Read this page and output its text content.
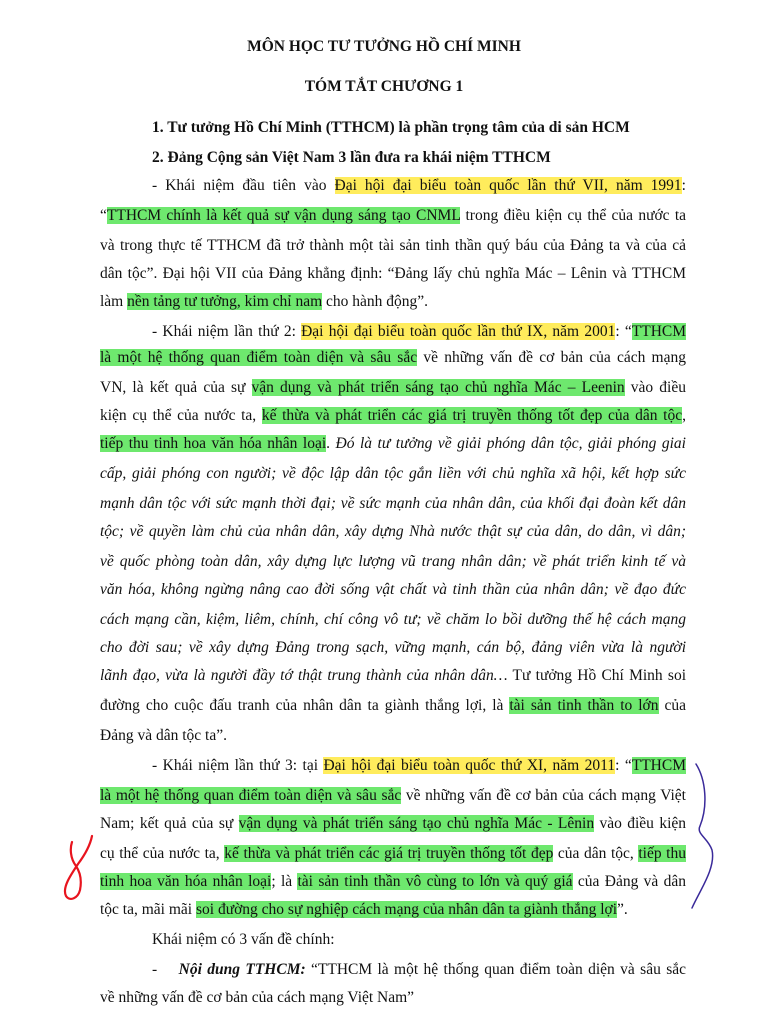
MÔN HỌC TƯ TƯỞNG HỒ CHÍ MINH
TÓM TẮT CHƯƠNG 1
1. Tư tưởng Hồ Chí Minh (TTHCM) là phần trọng tâm của di sản HCM
2. Đảng Cộng sản Việt Nam 3 lần đưa ra khái niệm TTHCM
- Khái niệm đầu tiên vào Đại hội đại biểu toàn quốc lần thứ VII, năm 1991:
“TTHCM chính là kết quả sự vận dụng sáng tạo CNML trong điều kiện cụ thể của nước ta
và trong thực tế TTHCM đã trở thành một tài sản tinh thần quý báu của Đảng ta và của cả
dân tộc”. Đại hội VII của Đảng khẳng định: “Đảng lấy chủ nghĩa Mác – Lênin và TTHCM
làm nền tảng tư tưởng, kim chỉ nam cho hành động”.
- Khái niệm lần thứ 2: Đại hội đại biểu toàn quốc lần thứ IX, năm 2001: “TTHCM
là một hệ thống quan điểm toàn diện và sâu sắc về những vấn đề cơ bản của cách mạng
VN, là kết quả của sự vận dụng và phát triển sáng tạo chủ nghĩa Mác – Leenin vào điều
kiện cụ thể của nước ta, kế thừa và phát triển các giá trị truyền thống tốt đẹp của dân tộc,
tiếp thu tinh hoa văn hóa nhân loại. Đó là tư tưởng về giải phóng dân tộc, giải phóng giai
cấp, giải phóng con người; về độc lập dân tộc gắn liền với chủ nghĩa xã hội, kết hợp sức
mạnh dân tộc với sức mạnh thời đại; về sức mạnh của nhân dân, của khối đại đoàn kết dân
tộc; về quyền làm chủ của nhân dân, xây dựng Nhà nước thật sự của dân, do dân, vì dân;
về quốc phòng toàn dân, xây dựng lực lượng vũ trang nhân dân; về phát triển kinh tế và
văn hóa, không ngừng nâng cao đời sống vật chất và tinh thần của nhân dân; về đạo đức
cách mạng cần, kiệm, liêm, chính, chí công vô tư; về chăm lo bồi dưỡng thế hệ cách mạng
cho đời sau; về xây dựng Đảng trong sạch, vững mạnh, cán bộ, đảng viên vừa là người
lãnh đạo, vừa là người đầy tớ thật trung thành của nhân dân… Tư tưởng Hồ Chí Minh soi
đường cho cuộc đấu tranh của nhân dân ta giành thắng lợi, là tài sản tinh thần to lớn của
Đảng và dân tộc ta”.
- Khái niệm lần thứ 3: tại Đại hội đại biểu toàn quốc thứ XI, năm 2011: “TTHCM
là một hệ thống quan điểm toàn diện và sâu sắc về những vấn đề cơ bản của cách mạng Việt
Nam; kết quả của sự vận dụng và phát triển sáng tạo chủ nghĩa Mác - Lênin vào điều kiện
cụ thể của nước ta, kế thừa và phát triển các giá trị truyền thống tốt đẹp của dân tộc, tiếp thu
tinh hoa văn hóa nhân loại; là tài sản tinh thần vô cùng to lớn và quý giá của Đảng và dân
tộc ta, mãi mãi soi đường cho sự nghiệp cách mạng của nhân dân ta giành thắng lợi”.
Khái niệm có 3 vấn đề chính:
- Nội dung TTHCM: “TTHCM là một hệ thống quan điểm toàn diện và sâu sắc
về những vấn đề cơ bản của cách mạng Việt Nam”
